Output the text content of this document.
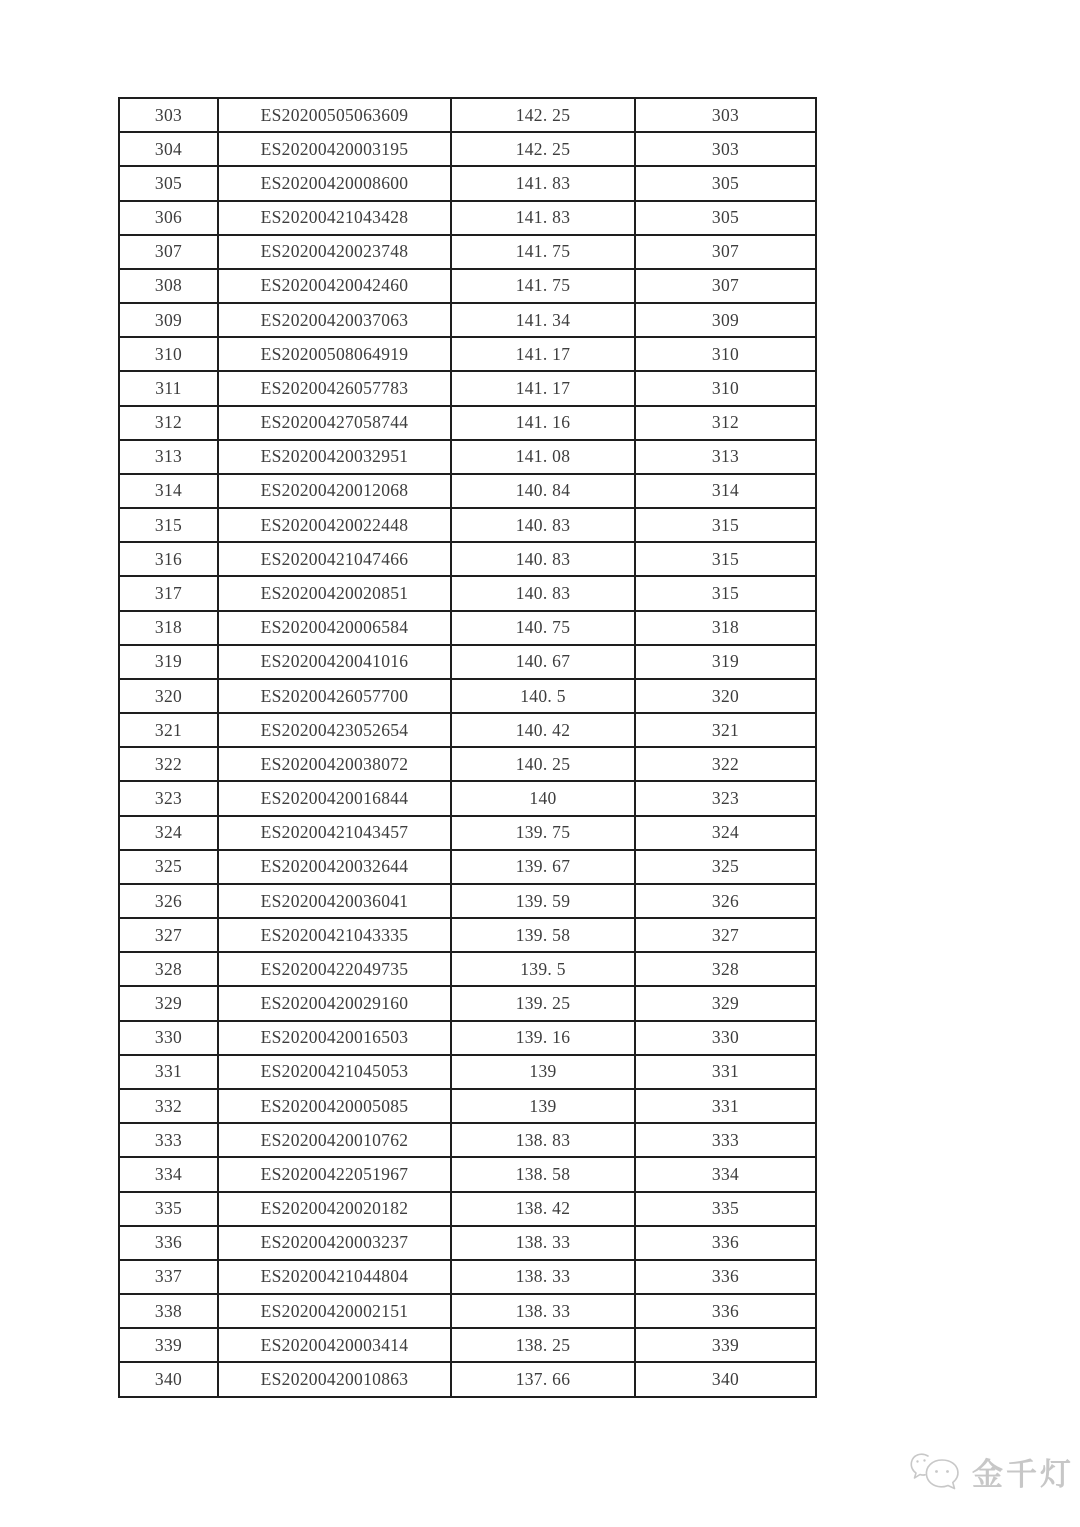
303	ES20200505063609	142. 25	303
304	ES20200420003195	142. 25	303
305	ES20200420008600	141. 83	305
306	ES20200421043428	141. 83	305
307	ES20200420023748	141. 75	307
308	ES20200420042460	141. 75	307
309	ES20200420037063	141. 34	309
310	ES20200508064919	141. 17	310
311	ES20200426057783	141. 17	310
312	ES20200427058744	141. 16	312
313	ES20200420032951	141. 08	313
314	ES20200420012068	140. 84	314
315	ES20200420022448	140. 83	315
316	ES20200421047466	140. 83	315
317	ES20200420020851	140. 83	315
318	ES20200420006584	140. 75	318
319	ES20200420041016	140. 67	319
320	ES20200426057700	140. 5	320
321	ES20200423052654	140. 42	321
322	ES20200420038072	140. 25	322
323	ES20200420016844	140	323
324	ES20200421043457	139. 75	324
325	ES20200420032644	139. 67	325
326	ES20200420036041	139. 59	326
327	ES20200421043335	139. 58	327
328	ES20200422049735	139. 5	328
329	ES20200420029160	139. 25	329
330	ES20200420016503	139. 16	330
331	ES20200421045053	139	331
332	ES20200420005085	139	331
333	ES20200420010762	138. 83	333
334	ES20200422051967	138. 58	334
335	ES20200420020182	138. 42	335
336	ES20200420003237	138. 33	336
337	ES20200421044804	138. 33	336
338	ES20200420002151	138. 33	336
339	ES20200420003414	138. 25	339
340	ES20200420010863	137. 66	340
金千灯
